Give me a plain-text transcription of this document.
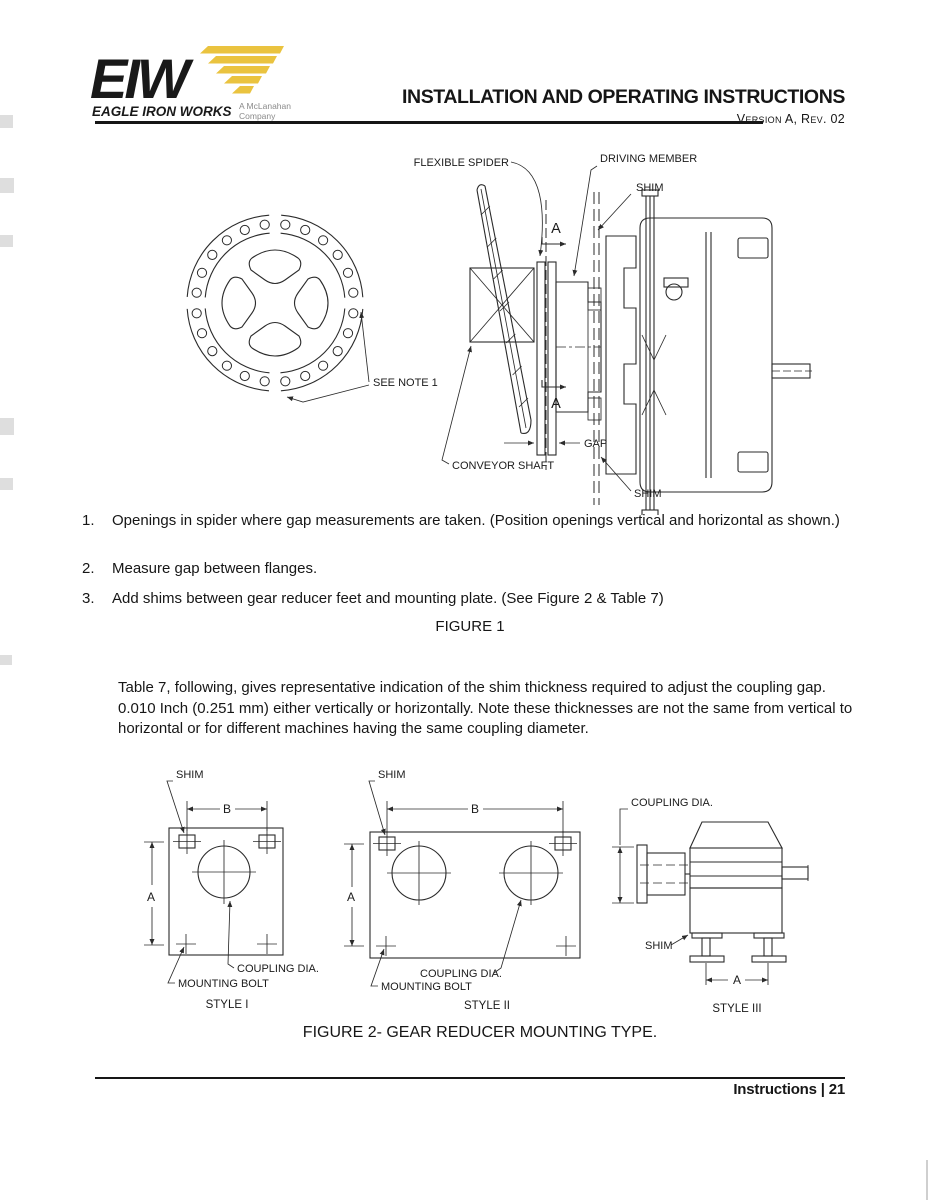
EIW
EAGLE IRON WORKS A McLanahan
Company
INSTALLATION AND OPERATING INSTRUCTIONS
Version A, Rev. 02
SEE NOTE 1
A
A
GAP
CONVEYOR SHAFT
FLEXIBLE SPIDER	DRIVING MEMBER
SHIM
SHIM
1.	Openings in spider where gap measurements are taken. (Position openings vertical and horizontal as shown.)
2.	Measure gap between flanges.
3.	Add shims between gear reducer feet and mounting plate. (See Figure 2 & Table 7)
FIGURE 1
Table 7, following, gives representative indication of the shim thickness required to adjust the coupling gap. 0.010 Inch (0.251 mm) either vertically or horizontally. Note these thicknesses are not the same from vertical to horizontal or for different machines having the same coupling diameter.
B
A
SHIM
COUPLING DIA.
MOUNTING BOLT
STYLE I
B
A
SHIM
COUPLING DIA.
MOUNTING BOLT
STYLE II
COUPLING DIA.
SHIM
A
STYLE III
FIGURE 2- GEAR REDUCER MOUNTING TYPE.
Instructions | 21
